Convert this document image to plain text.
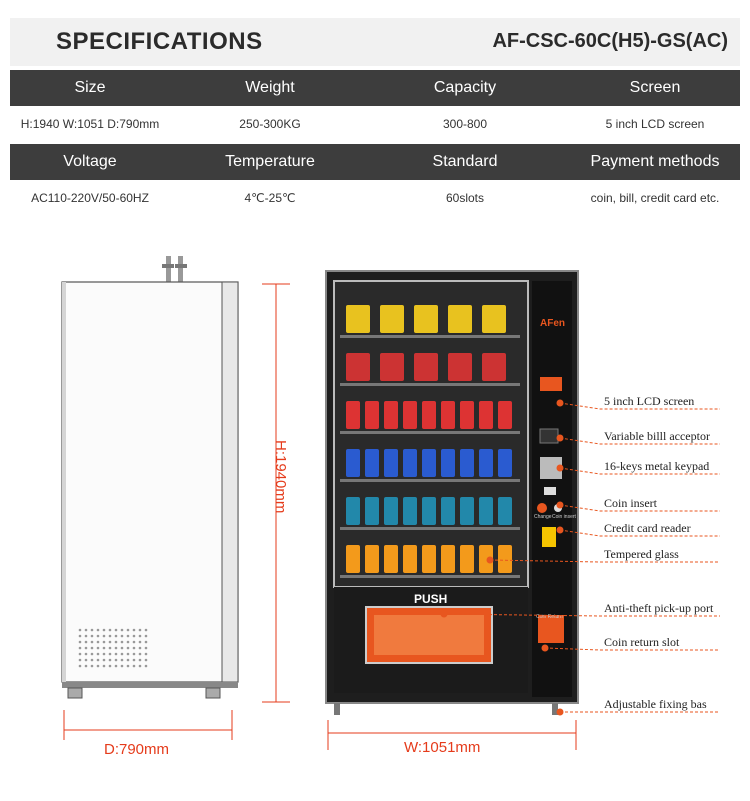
SPECIFICATIONS	AF-CSC-60C(H5)-GS(AC)
Size	Weight	Capacity	Screen
H:1940 W:1051 D:790mm	250-300KG	300-800	5 inch LCD screen
Voltage	Temperature	Standard	Payment methods
AC110-220V/50-60HZ	4℃-25℃	60slots	coin, bill, credit card etc.
D:790mm
H:1940mm
AFen
PUSH
Change Coin insert
Coin Return
W:1051mm
5 inch LCD screen
Variable billl acceptor
16-keys metal keypad
Coin insert
Credit card reader
Tempered glass
Anti-theft pick-up port
Coin return slot
Adjustable fixing bas
